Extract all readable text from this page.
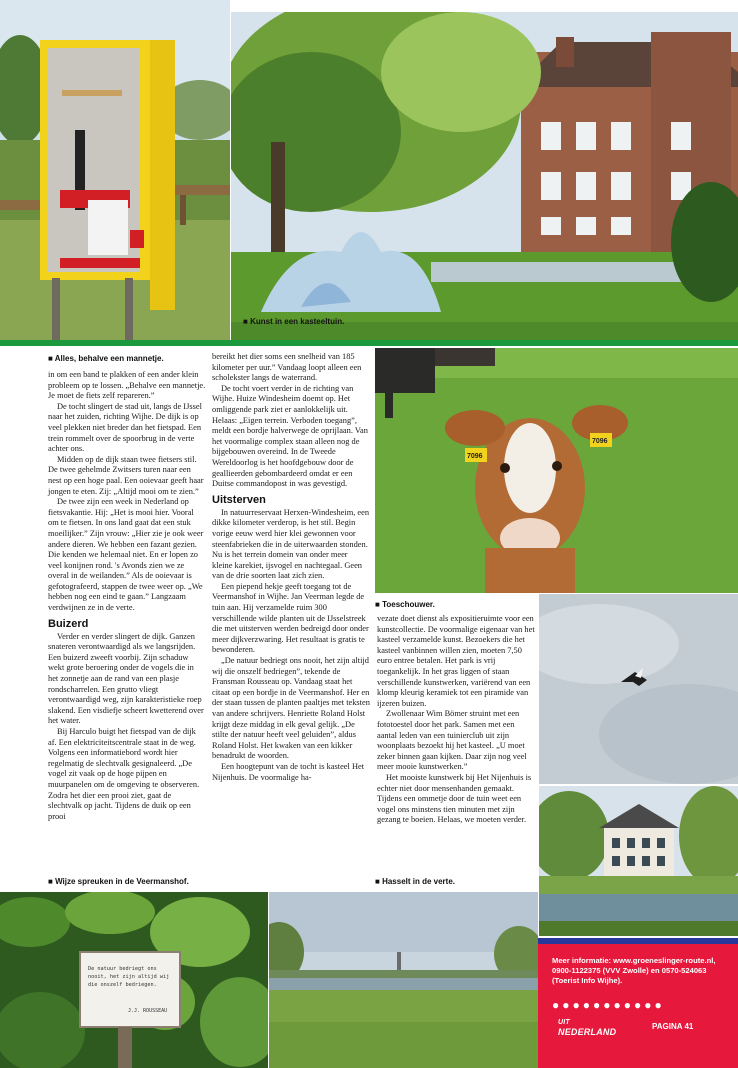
■ Kunst in een kasteeltuin.
7096
7096
■ Toeschouwer.
De natuur bedriegt ons nooit, het zijn altijd wij die onszelf bedriegen.
J.J. ROUSSEAU
■ Alles, behalve een mannetje.
■ Wijze spreuken in de Veermanshof.
■	Hasselt in de verte.

in om een band te plakken of een ander klein probleem op te lossen. „Behalve een mannetje. Je moet de fiets zelf repareren.”

De tocht slingert de stad uit, langs de IJssel naar het zuiden, richting Wijhe. De dijk is op veel plekken niet breder dan het fietspad. Een trein rommelt over de spoorbrug in de verte achter ons.

Midden op de dijk staan twee fietsers stil. De twee gehelmde Zwitsers turen naar een nest op een hoge paal. Een ooievaar geeft haar jongen te eten. Zij: „Altijd mooi om te zien.”

De twee zijn een week in Nederland op fietsvakantie. Hij: „Het is mooi hier. Vooral om te fietsen. In ons land gaat dat een stuk moeilijker.” Zijn vrouw: „Hier zie je ook weer andere dieren. We hebben een fazant gezien. Die kenden we helemaal niet. En er lopen zo veel konijnen rond. 's Avonds zien we ze overal in de weilanden.” Als de ooievaar is gefotografeerd, stappen de twee weer op. „We hebben nog een eind te gaan.” Langzaam verdwijnen ze in de verte.

Buizerd

Verder en verder slingert de dijk. Ganzen snateren verontwaardigd als we langsrijden. Een buizerd zweeft voorbij. Zijn schaduw wekt grote beroering onder de vogels die in het zonnetje aan de rand van een plasje rondscharrelen. Een grutto vliegt verontwaardigd weg, zijn karakteristieke roep slakend. Een visdiefje scheert kwetterend over het water.

Bij Harculo buigt het fietspad van de dijk af. Een elektriciteitscentrale staat in de weg. Volgens een informatiebord wordt hier regelmatig de slechtvalk gesignaleerd. „De vogel zit vaak op de hoge pijpen en muurpanelen om de omgeving te observeren. Zodra het dier een prooi ziet, gaat de slechtvalk op jacht. Tijdens de duik op een prooi

bereikt het dier soms een snelheid van 185 kilometer per uur.” Vandaag loopt alleen een scholekster langs de waterrand.

De tocht voert verder in de richting van Wijhe. Huize Windesheim doemt op. Het omliggende park ziet er aanlokkelijk uit. Helaas: „Eigen terrein. Verboden toegang”, meldt een bordje halverwege de oprijlaan. Van het voormalige complex staan alleen nog de bijgebouwen overeind. In de Tweede Wereldoorlog is het hoofdgebouw door de geallieerden gebombardeerd omdat er een Duitse commandopost in was gevestigd.

Uitsterven

In natuurreservaat Herxen-Windesheim, een dikke kilometer verderop, is het stil. Begin vorige eeuw werd hier klei gewonnen voor steenfabrieken die in de uiterwaarden stonden. Nu is het terrein domein van onder meer kleine karekiet, ijsvogel en nachtegaal. Geen van de drie soorten laat zich zien.

Een piepend hekje geeft toegang tot de Veermanshof in Wijhe. Jan Veerman legde de tuin aan. Hij verzamelde ruim 300 verschillende wilde planten uit de IJsselstreek die met uitsterven werden bedreigd door onder meer dijkverzwaring. Het resultaat is gratis te bewonderen.

„De natuur bedriegt ons nooit, het zijn altijd wij die onszelf bedriegen”, tekende de Fransman Rousseau op. Vandaag staat het citaat op een bordje in de Veermanshof. Her en der staan tussen de planten paaltjes met teksten van andere schrijvers. Henriette Roland Holst krijgt deze middag in elk geval gelijk. „De stilte der natuur heeft veel geluiden”, aldus Roland Holst. Het kwaken van een kikker benadrukt de woorden.

Een hoogtepunt van de tocht is kasteel Het Nijenhuis. De voormalige ha-

vezate doet dienst als expositieruimte voor een kunstcollectie. De voormalige eigenaar van het kasteel verzamelde kunst. Bezoekers die het kasteel vanbinnen willen zien, moeten 7,50 euro entree betalen. Het park is vrij toegankelijk. In het gras liggen of staan verschillende kunstwerken, variërend van een klomp kleurig keramiek tot een piramide van ijzeren buizen.

Zwollenaar Wim Bömer struint met een fototoestel door het park. Samen met een aantal leden van een tuinierclub uit zijn woonplaats bezoekt hij het kasteel. „U moet zeker binnen gaan kijken. Daar zijn nog veel meer mooie kunstwerken.”

Het mooiste kunstwerk bij Het Nijenhuis is echter niet door mensenhanden gemaakt. Tijdens een ommetje door de tuin weet een vogel ons minstens tien minuten met zijn gezang te boeien. Helaas, we moeten verder.

Meer informatie: www.groeneslinger-route.nl, 0900-1122375 (VVV Zwolle) en 0570-524063 (Toerist Info Wijhe).
●●●●●●●●●●●
UIT
NEDERLAND
PAGINA 41
